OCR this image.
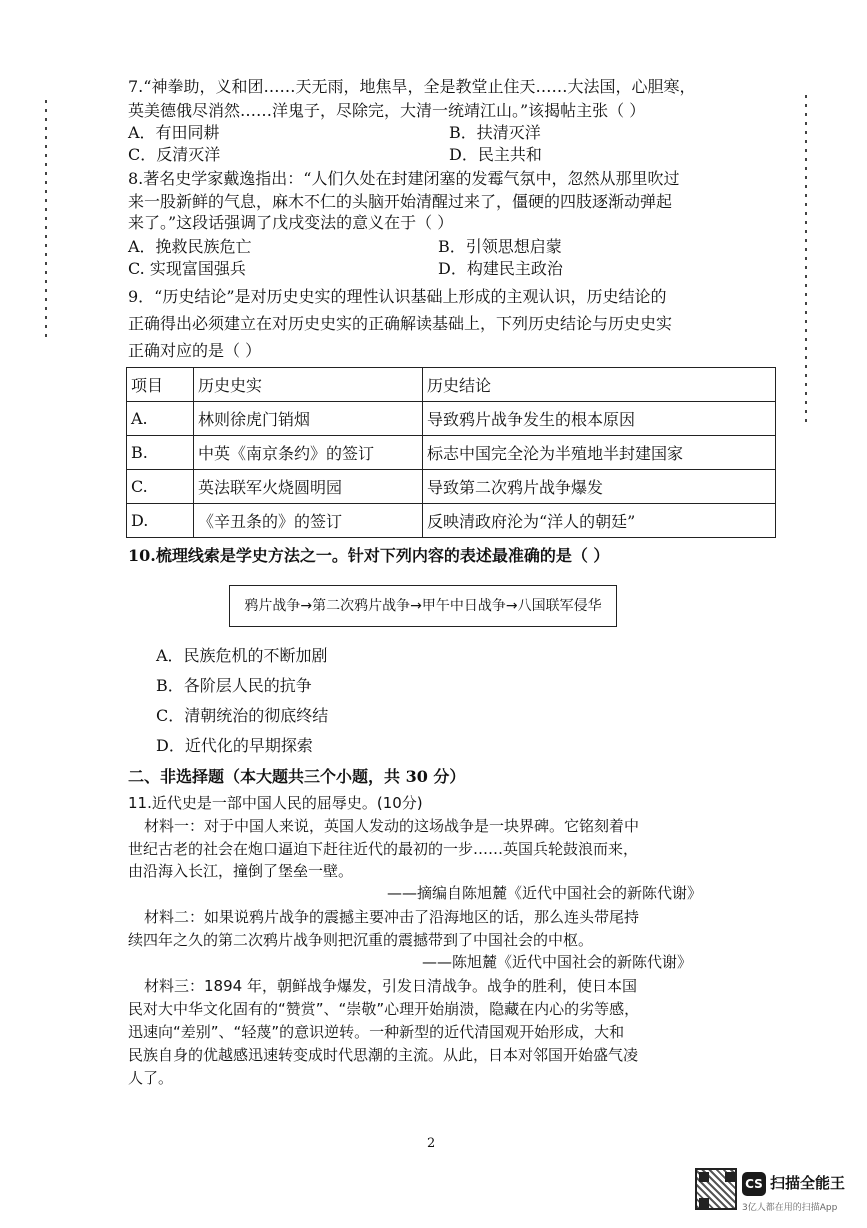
7.“神拳助，义和团……天无雨，地焦旱，全是教堂止住天……大法国，心胆寒，
英美德俄尽消然……洋鬼子，尽除完，大清一统靖江山。”该揭帖主张（ ）
A．有田同耕	B．扶清灭洋
C．反清灭洋	D．民主共和
8.著名史学家戴逸指出：“人们久处在封建闭塞的发霉气氛中，忽然从那里吹过
来一股新鲜的气息，麻木不仁的头脑开始清醒过来了，僵硬的四肢逐渐动弹起
来了。”这段话强调了戊戌变法的意义在于（ ）
A．挽救民族危亡	B．引领思想启蒙
C. 实现富国强兵	D．构建民主政治
9．“历史结论”是对历史史实的理性认识基础上形成的主观认识，历史结论的
正确得出必须建立在对历史史实的正确解读基础上，下列历史结论与历史史实
正确对应的是（ ）
项目	历史史实	历史结论
A.	林则徐虎门销烟	导致鸦片战争发生的根本原因
B.	中英《南京条约》的签订	标志中国完全沦为半殖地半封建国家
C.	英法联军火烧圆明园	导致第二次鸦片战争爆发
D.	《辛丑条的》的签订	反映清政府沦为“洋人的朝廷”
10.梳理线索是学史方法之一。针对下列内容的表述最准确的是（ ）
鸦片战争→第二次鸦片战争→甲午中日战争→八国联军侵华
A．民族危机的不断加剧
B．各阶层人民的抗争
C．清朝统治的彻底终结
D．近代化的早期探索
二、非选择题（本大题共三个小题，共 30 分）
11.近代史是一部中国人民的屈辱史。(10分)
材料一：对于中国人来说，英国人发动的这场战争是一块界碑。它铭刻着中
世纪古老的社会在炮口逼迫下赶往近代的最初的一步……英国兵轮鼓浪而来，
由沿海入长江，撞倒了堡垒一壁。
——摘编自陈旭麓《近代中国社会的新陈代谢》
材料二：如果说鸦片战争的震撼主要冲击了沿海地区的话，那么连头带尾持
续四年之久的第二次鸦片战争则把沉重的震撼带到了中国社会的中枢。
——陈旭麓《近代中国社会的新陈代谢》
材料三：1894 年，朝鲜战争爆发，引发日清战争。战争的胜利，使日本国
民对大中华文化固有的“赞赏”、“崇敬”心理开始崩溃，隐藏在内心的劣等感，
迅速向“差别”、“轻蔑”的意识逆转。一种新型的近代清国观开始形成，大和
民族自身的优越感迅速转变成时代思潮的主流。从此，日本对邻国开始盛气凌
人了。
2
CS 扫描全能王
3亿人都在用的扫描App
